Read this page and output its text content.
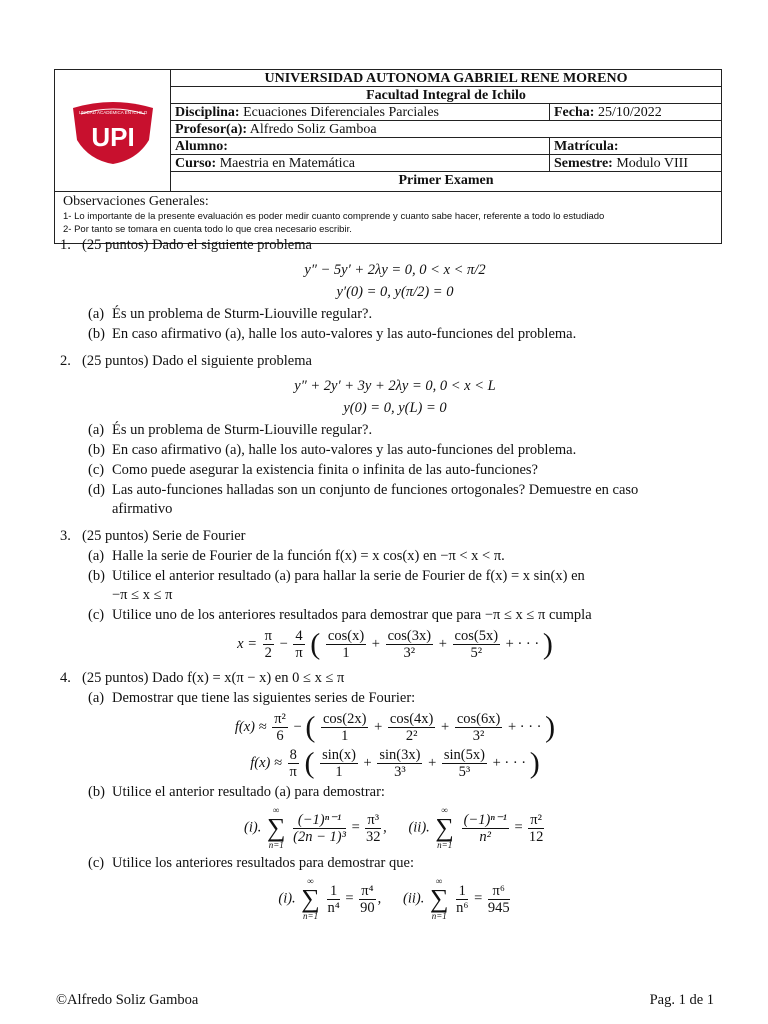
UPI
UNIDAD ACADÉMICA EN ICHILO
UNIVERSIDAD AUTONOMA GABRIEL RENE MORENO
Facultad Integral de Ichilo
Disciplina: Ecuaciones Diferenciales Parciales	Fecha: 25/10/2022
Profesor(a): Alfredo Soliz Gamboa
Alumno:	Matrícula:
Curso: Maestria en Matemática	Semestre: Modulo VIII
Primer Examen
Observaciones Generales:
1- Lo importante de la presente evaluación es poder medir cuanto comprende y cuanto sabe hacer, referente a todo lo estudiado
2- Por tanto se tomara en cuenta todo lo que crea necesario escribir.
1. (25 puntos) Dado el siguiente problema
y″ − 5y′ + 2λy = 0, 0 < x < π/2
y′(0) = 0, y(π/2) = 0
(a) És un problema de Sturm-Liouville regular?.
(b) En caso afirmativo (a), halle los auto-valores y las auto-funciones del problema.
2. (25 puntos) Dado el siguiente problema
y″ + 2y′ + 3y + 2λy = 0, 0 < x < L
y(0) = 0, y(L) = 0
(a) És un problema de Sturm-Liouville regular?.
(b) En caso afirmativo (a), halle los auto-valores y las auto-funciones del problema.
(c) Como puede asegurar la existencia finita o infinita de las auto-funciones?
(d) Las auto-funciones halladas son un conjunto de funciones ortogonales? Demuestre en caso
afirmativo
3. (25 puntos) Serie de Fourier
(a) Halle la serie de Fourier de la función f(x) = x cos(x) en −π < x < π.
(b) Utilice el anterior resultado (a) para hallar la serie de Fourier de f(x) = x sin(x) en
−π ≤ x ≤ π
(c) Utilice uno de los anteriores resultados para demostrar que para −π ≤ x ≤ π cumpla
$x = \frac{\pi}{2} - \frac{4}{\pi}$ ( $\frac{\cos(x)}{1} + \frac{\cos(3x)}{\text{3²}} + \frac{\cos(5x)}{\text{5²}}$ + · · · )
4. (25 puntos) Dado f(x) = x(π − x) en 0 ≤ x ≤ π
(a) Demostrar que tiene las siguientes series de Fourier:
$f(x) \approx \frac{\text{π²}}{6}$ − ( $\frac{\cos(2x)}{1} + \frac{\cos(4x)}{\text{2²}} + \frac{\cos(6x)}{\text{3²}}$ + · · · )
$f(x) \approx \frac{8}{\pi}$ ( $\frac{\sin(x)}{1} + \frac{\sin(3x)}{\text{3³}} + \frac{\sin(5x)}{\text{5³}}$ + · · · )
(b) Utilice el anterior resultado (a) para demostrar:
(i).
∞
∑
n=1

$\frac{\text{(−1)ⁿ⁻¹}}{\text{(2n − 1)³}} = \frac{\text{π³}}{32}$ , (ii).
∞
∑
n=1

$\frac{\text{(−1)ⁿ⁻¹}}{\text{n²}} = \frac{\text{π²}}{12}$
(c) Utilice los anteriores resultados para demostrar que:
(i).
∞
∑
n=1

$\frac{1}{\text{n⁴}} = \frac{\text{π⁴}}{90}$ , (ii).
∞
∑
n=1

$\frac{1}{\text{n⁶}} = \frac{\text{π⁶}}{945}$
©Alfredo Soliz Gamboa	Pag. 1 de 1
